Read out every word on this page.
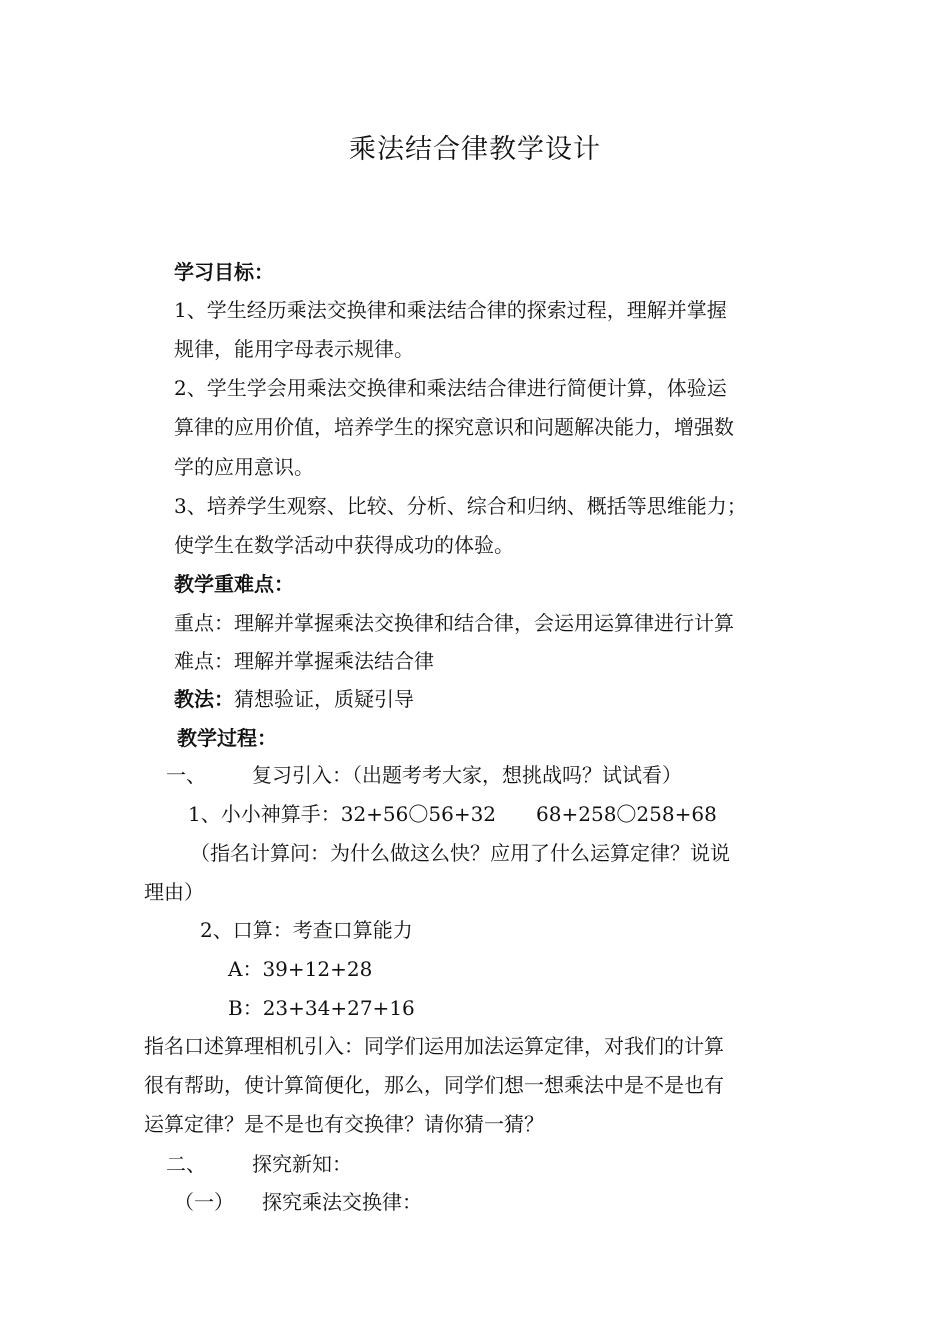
乘法结合律教学设计
学习目标：
1、学生经历乘法交换律和乘法结合律的探索过程，理解并掌握
规律，能用字母表示规律。
2、学生学会用乘法交换律和乘法结合律进行简便计算，体验运
算律的应用价值，培养学生的探究意识和问题解决能力，增强数
学的应用意识。
3、培养学生观察、比较、分析、综合和归纳、概括等思维能力；
使学生在数学活动中获得成功的体验。
教学重难点：
重点：理解并掌握乘法交换律和结合律，会运用运算律进行计算
难点：理解并掌握乘法结合律
教法：猜想验证，质疑引导
教学过程：
一、 复习引入：（出题考考大家，想挑战吗？试试看）
1、小小神算手：32+56〇56+32　　68+258〇258+68
（指名计算问：为什么做这么快？应用了什么运算定律？说说
理由）
2、口算：考查口算能力
A：39+12+28
B：23+34+27+16
指名口述算理相机引入：同学们运用加法运算定律，对我们的计算
很有帮助，使计算简便化，那么，同学们想一想乘法中是不是也有
运算定律？是不是也有交换律？请你猜一猜？
二、 探究新知：
（一） 探究乘法交换律：
